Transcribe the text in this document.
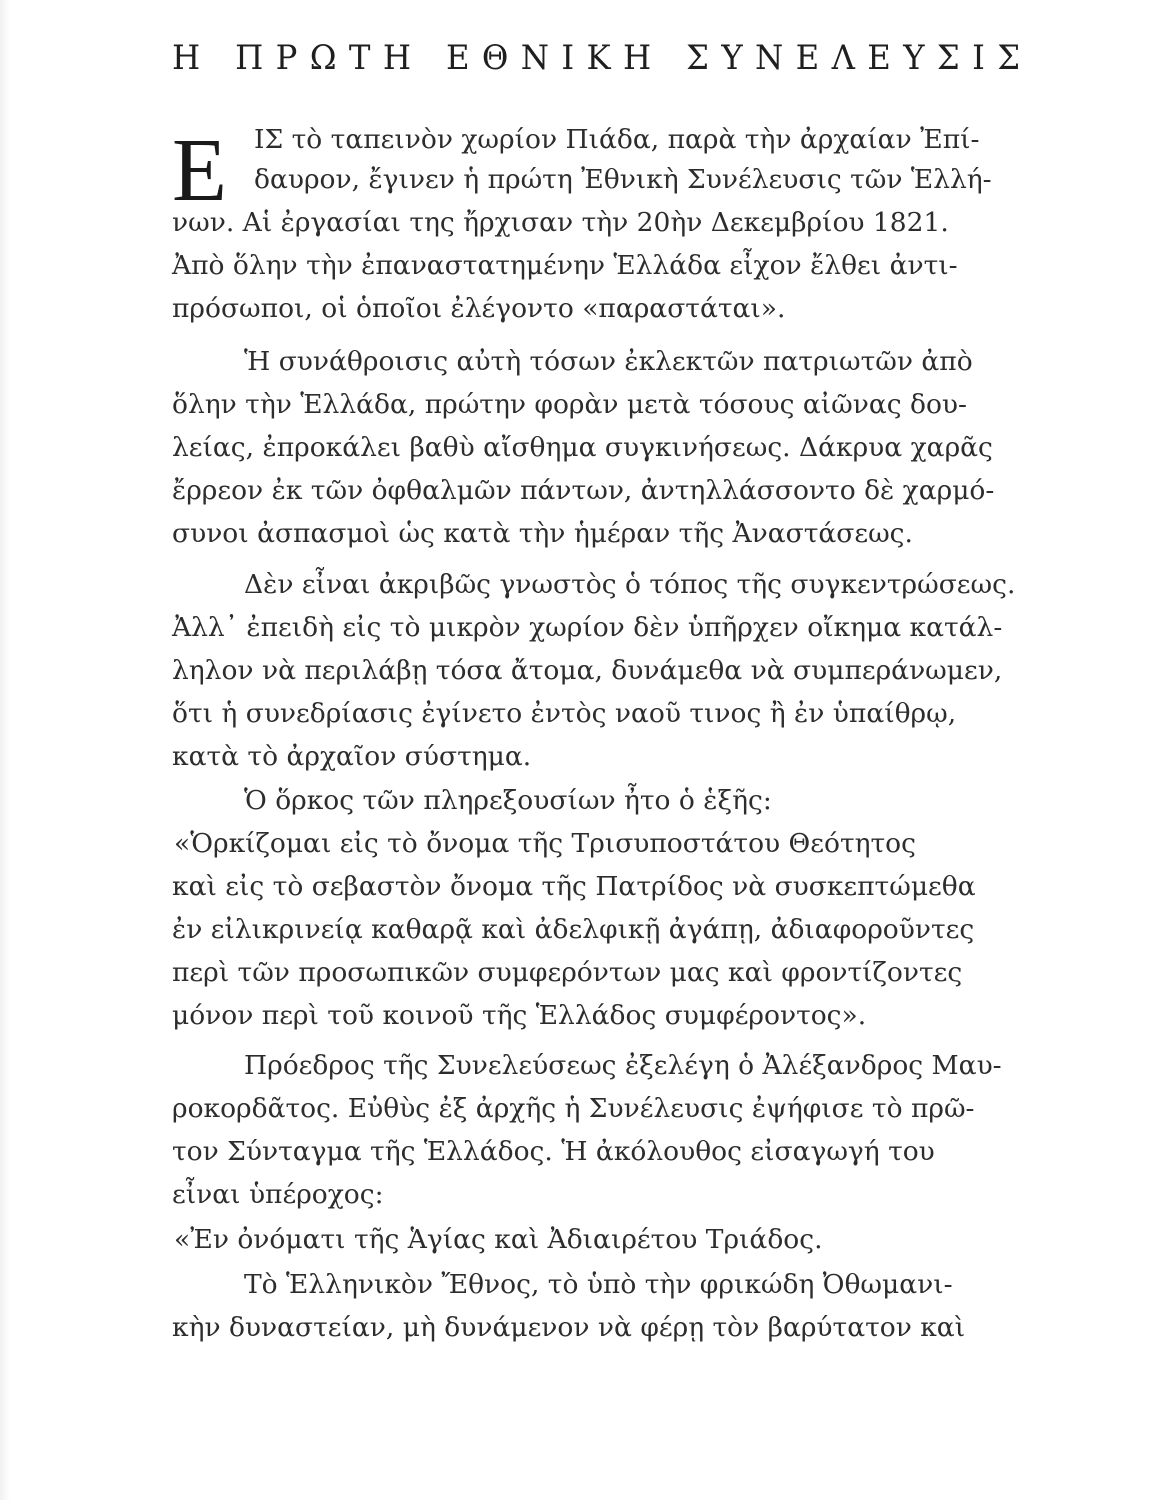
Η ΠΡΩΤΗ ΕΘΝΙΚΗ ΣΥΝΕΛΕΥΣΙΣ
Ε ΙΣ τὸ ταπεινὸν χωρίον Πιάδα, παρὰ τὴν ἀρχαίαν Ἐπί-
δαυρον, ἔγινεν ἡ πρώτη Ἐθνικὴ Συνέλευσις τῶν Ἑλλή-
νων. Αἱ ἐργασίαι της ἤρχισαν τὴν 20ὴν Δεκεμβρίου 1821.
Ἀπὸ ὅλην τὴν ἐπαναστατημένην Ἑλλάδα εἶχον ἔλθει ἀντι-
πρόσωποι, οἱ ὁποῖοι ἐλέγοντο «παραστάται».
Ἡ συνάθροισις αὐτὴ τόσων ἐκλεκτῶν πατριωτῶν ἀπὸ
ὅλην τὴν Ἑλλάδα, πρώτην φορὰν μετὰ τόσους αἰῶνας δου-
λείας, ἐπροκάλει βαθὺ αἴσθημα συγκινήσεως. Δάκρυα χαρᾶς
ἔρρεον ἐκ τῶν ὀφθαλμῶν πάντων, ἀντηλλάσσοντο δὲ χαρμό-
συνοι ἀσπασμοὶ ὡς κατὰ τὴν ἡμέραν τῆς Ἀναστάσεως.
Δὲν εἶναι ἀκριβῶς γνωστὸς ὁ τόπος τῆς συγκεντρώσεως.
Ἀλλ᾽ ἐπειδὴ εἰς τὸ μικρὸν χωρίον δὲν ὑπῆρχεν οἴκημα κατάλ-
ληλον νὰ περιλάβῃ τόσα ἄτομα, δυνάμεθα νὰ συμπεράνωμεν,
ὅτι ἡ συνεδρίασις ἐγίνετο ἐντὸς ναοῦ τινος ἢ ἐν ὑπαίθρῳ,
κατὰ τὸ ἀρχαῖον σύστημα.
Ὁ ὅρκος τῶν πληρεξουσίων ἦτο ὁ ἑξῆς:
«Ὁρκίζομαι εἰς τὸ ὄνομα τῆς Τρισυποστάτου Θεότητος
καὶ εἰς τὸ σεβαστὸν ὄνομα τῆς Πατρίδος νὰ συσκεπτώμεθα
ἐν εἰλικρινείᾳ καθαρᾷ καὶ ἀδελφικῇ ἀγάπῃ, ἀδιαφοροῦντες
περὶ τῶν προσωπικῶν συμφερόντων μας καὶ φροντίζοντες
μόνον περὶ τοῦ κοινοῦ τῆς Ἑλλάδος συμφέροντος».
Πρόεδρος τῆς Συνελεύσεως ἐξελέγη ὁ Ἀλέξανδρος Μαυ-
ροκορδᾶτος. Εὐθὺς ἐξ ἀρχῆς ἡ Συνέλευσις ἐψήφισε τὸ πρῶ-
τον Σύνταγμα τῆς Ἑλλάδος. Ἡ ἀκόλουθος εἰσαγωγή του
εἶναι ὑπέροχος:
«Ἐν ὀνόματι τῆς Ἁγίας καὶ Ἀδιαιρέτου Τριάδος.
Τὸ Ἑλληνικὸν Ἔθνος, τὸ ὑπὸ τὴν φρικώδη Ὀθωμανι-
κὴν δυναστείαν, μὴ δυνάμενον νὰ φέρῃ τὸν βαρύτατον καὶ
